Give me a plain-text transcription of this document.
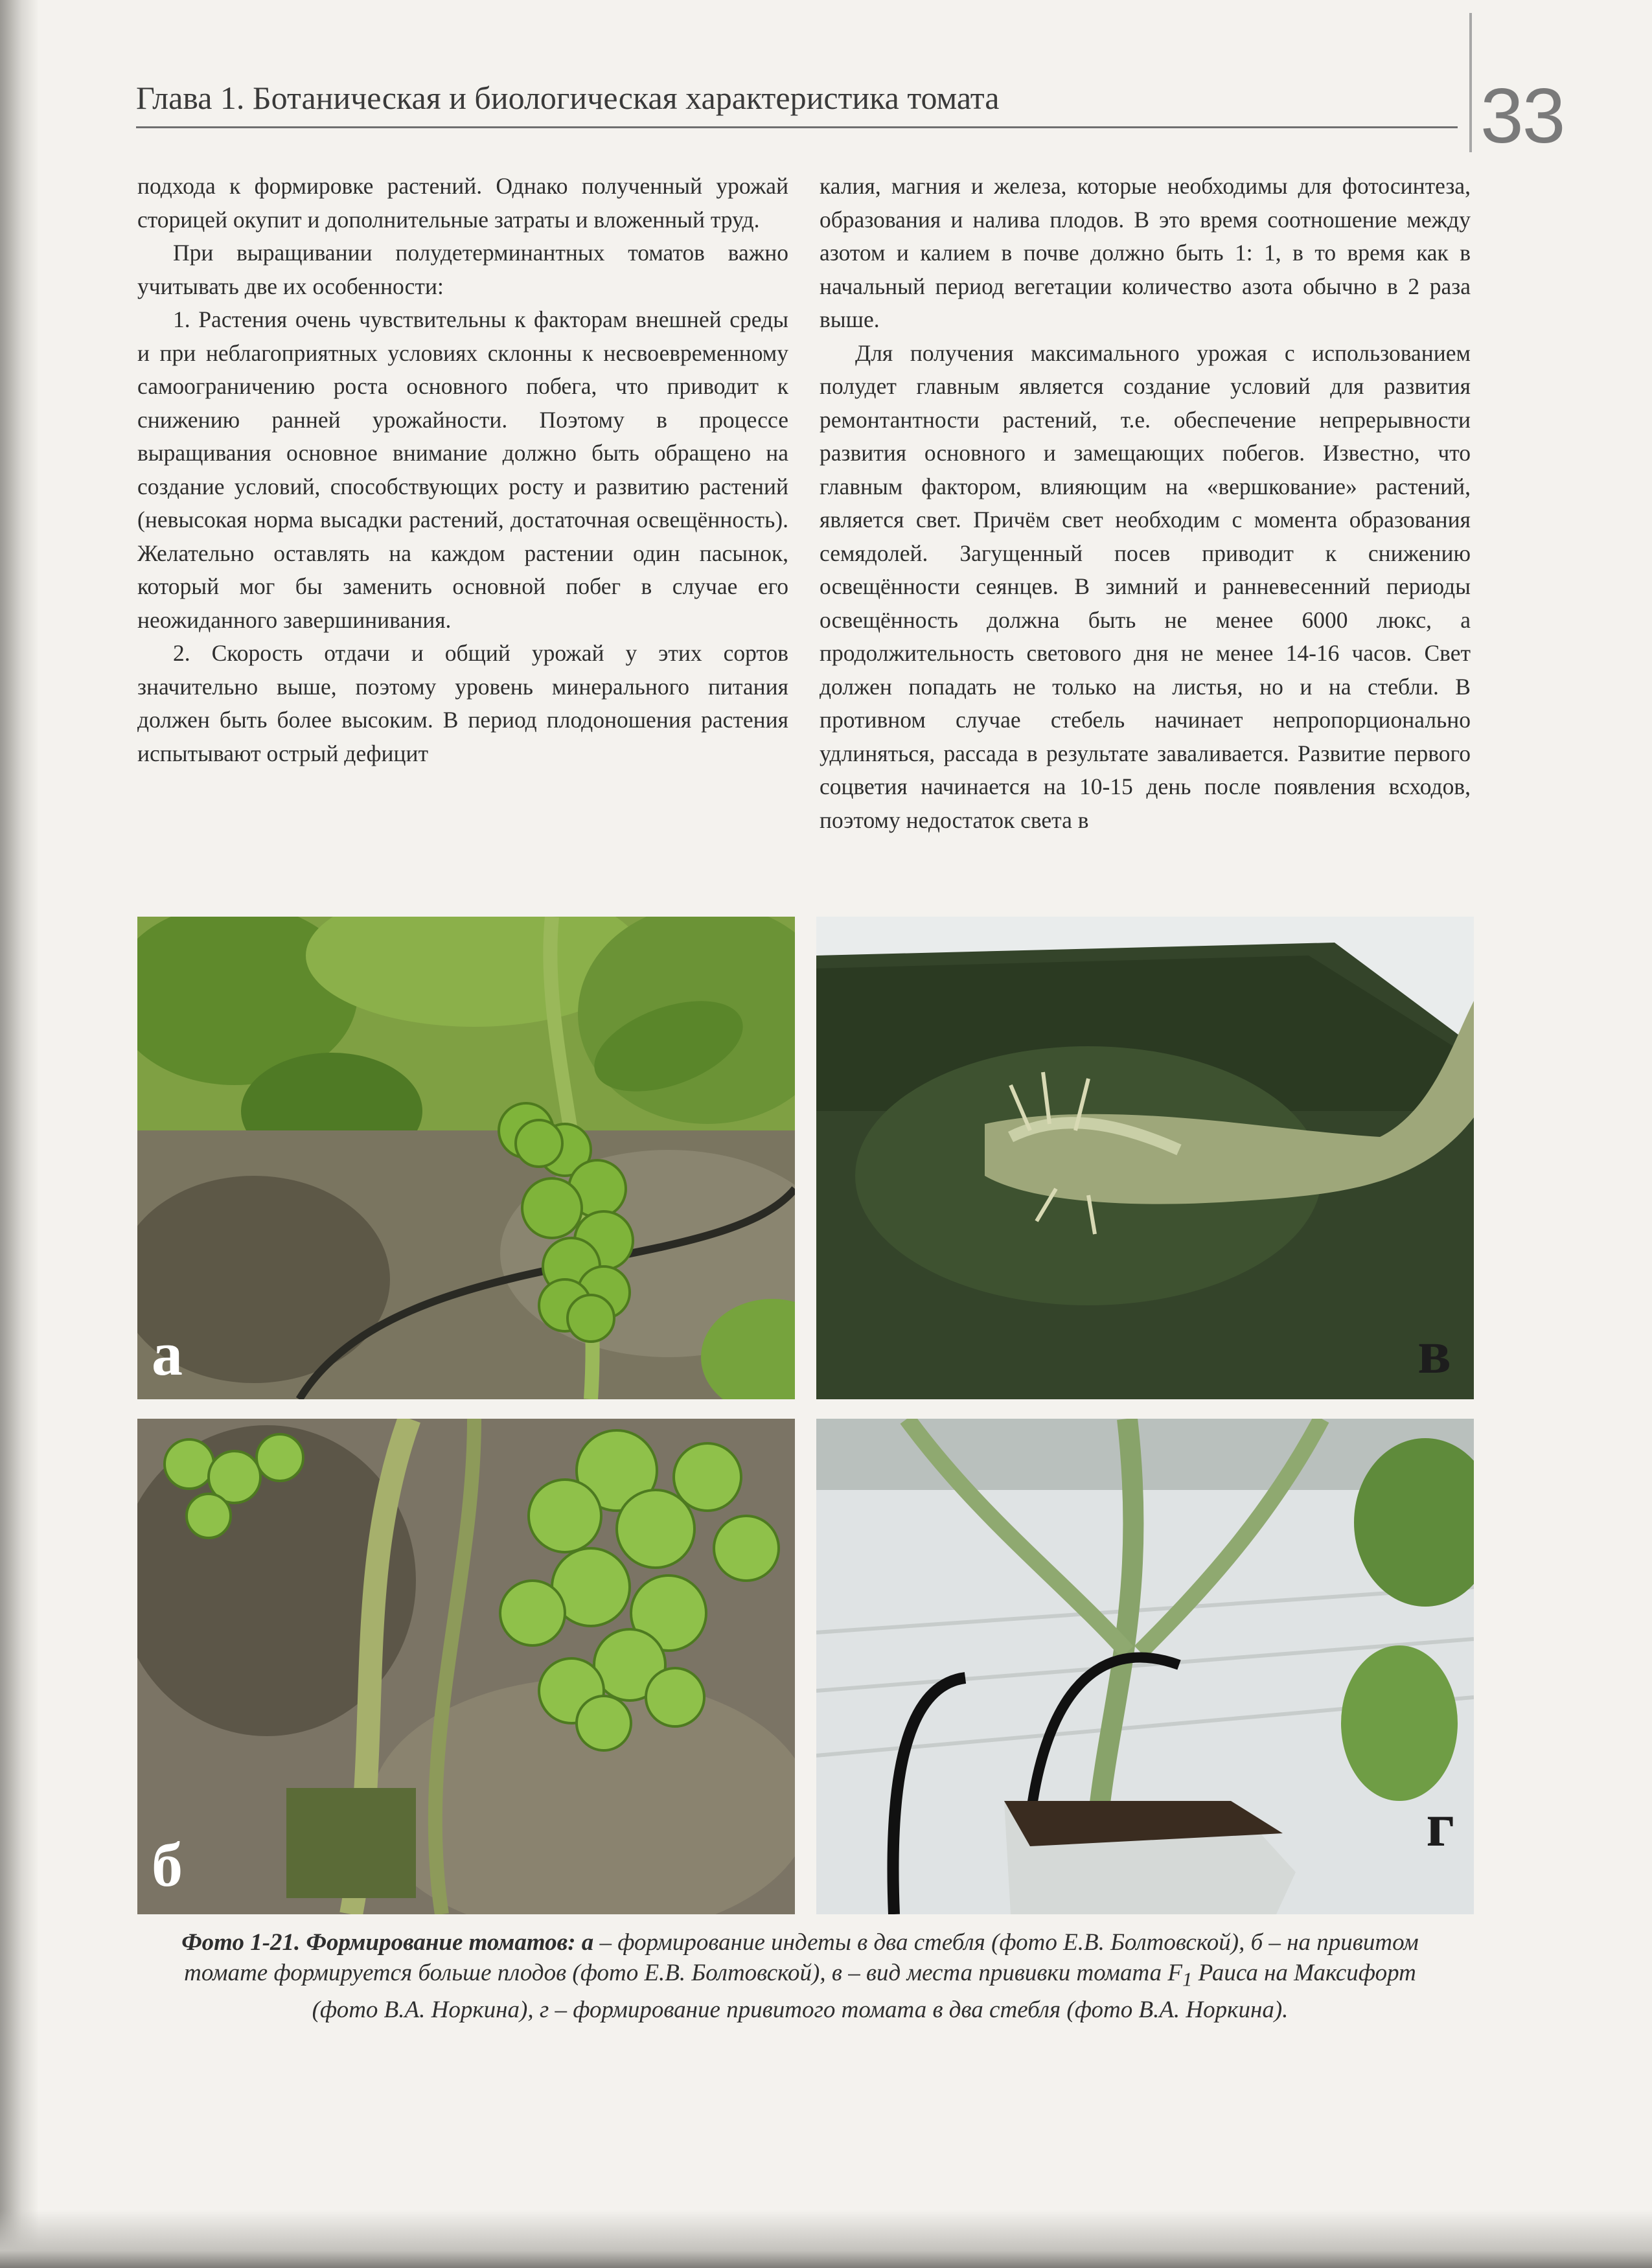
Глава 1. Ботаническая и биологическая характеристика томата	33

подхода к формировке растений. Однако полученный урожай сторицей окупит и дополнительные затраты и вложенный труд.

При выращивании полудетерминантных томатов важно учитывать две их особенности:

1. Растения очень чувствительны к факторам внешней среды и при неблагоприятных условиях склонны к несвоевременному самоограничению роста основного побега, что приводит к снижению ранней урожайности. Поэтому в процессе выращивания основное внимание должно быть обращено на создание условий, способствующих росту и развитию растений (невысокая норма высадки растений, достаточная освещённость). Желательно оставлять на каждом растении один пасынок, который мог бы заменить основной побег в случае его неожиданного завершинивания.

2. Скорость отдачи и общий урожай у этих сортов значительно выше, поэтому уровень минерального питания должен быть более высоким. В период плодоношения растения испытывают острый дефицит

калия, магния и железа, которые необходимы для фотосинтеза, образования и налива плодов. В это время соотношение между азотом и калием в почве должно быть 1: 1, в то время как в начальный период вегетации количество азота обычно в 2 раза выше.

Для получения максимального урожая с использованием полудет главным является создание условий для развития ремонтантности растений, т.е. обеспечение непрерывности развития основного и замещающих побегов. Известно, что главным фактором, влияющим на «вершкование» растений, является свет. Причём свет необходим с момента образования семядолей. Загущенный посев приводит к снижению освещённости сеянцев. В зимний и ранневесенний периоды освещённость должна быть не менее 6000 люкс, а продолжительность светового дня не менее 14-16 часов. Свет должен попадать не только на листья, но и на стебли. В противном случае стебель начинает непропорционально удлиняться, рассада в результате заваливается. Развитие первого соцветия начинается на 10-15 день после появления всходов, поэтому недостаток света в

а	в
б
г
Фото 1-21. Формирование томатов: а – формирование индеты в два стебля (фото Е.В. Болтовской), б – на привитом томате формируется больше плодов (фото Е.В. Болтовской), в – вид места прививки томата $F_1$ Раиса на Максифорт (фото В.А. Норкина), г – формирование привитого томата в два стебля (фото В.А. Норкина).
